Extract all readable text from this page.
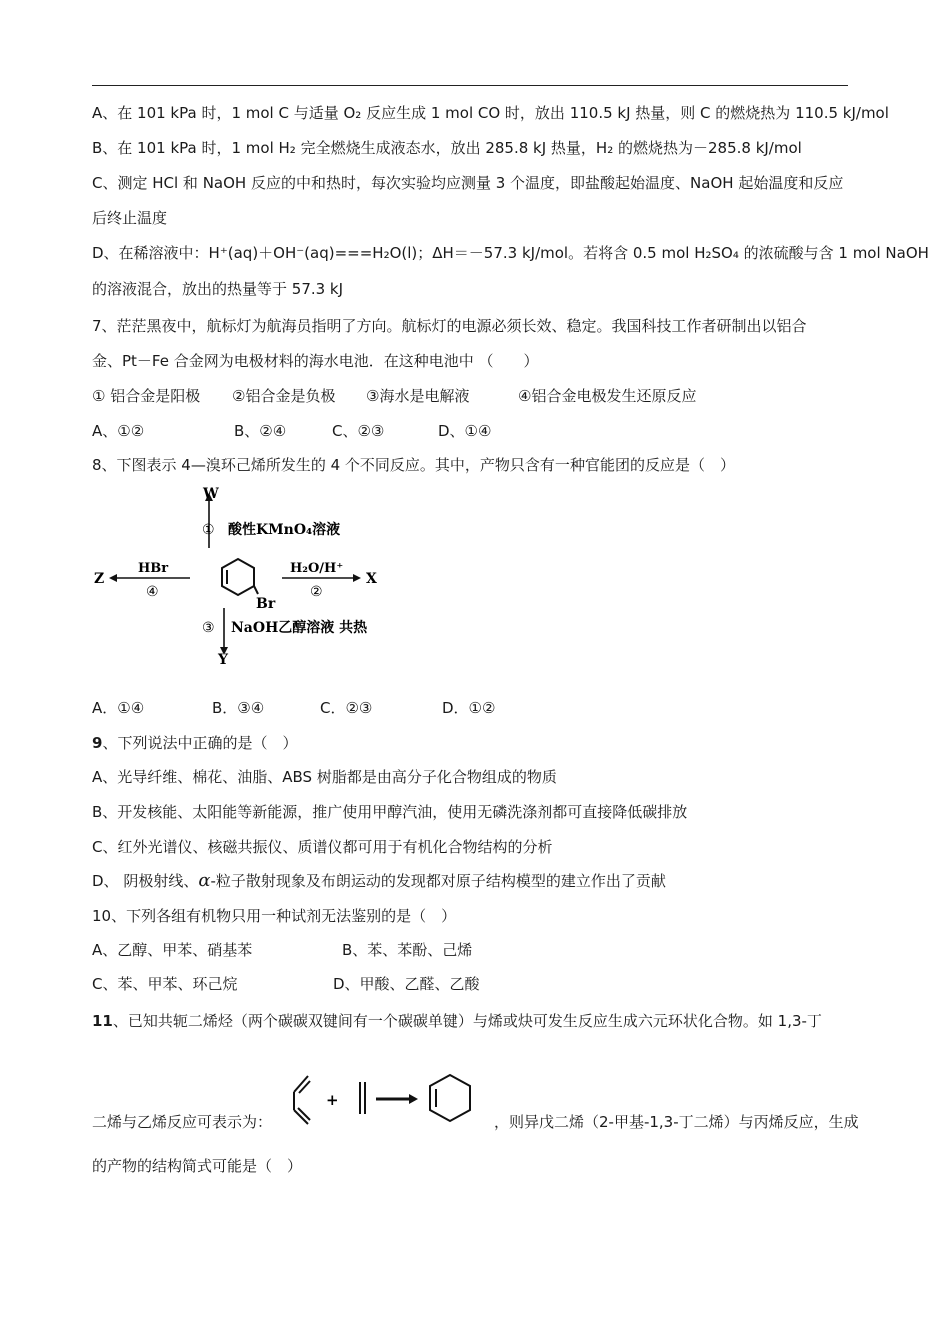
A、在 101 kPa 时，1 mol C 与适量 O₂ 反应生成 1 mol CO 时，放出 110.5 kJ 热量，则 C 的燃烧热为 110.5 kJ/mol
B、在 101 kPa 时，1 mol H₂ 完全燃烧生成液态水，放出 285.8 kJ 热量，H₂ 的燃烧热为－285.8 kJ/mol
C、测定 HCl 和 NaOH 反应的中和热时，每次实验均应测量 3 个温度，即盐酸起始温度、NaOH 起始温度和反应
后终止温度
D、在稀溶液中：H⁺(aq)＋OH⁻(aq)===H₂O(l)；ΔH＝－57.3 kJ/mol。若将含 0.5 mol H₂SO₄ 的浓硫酸与含 1 mol NaOH
的溶液混合，放出的热量等于 57.3 kJ
7、茫茫黑夜中，航标灯为航海员指明了方向。航标灯的电源必须长效、稳定。我国科技工作者研制出以铝合
金、Pt－Fe 合金网为电极材料的海水电池．在这种电池中 （　　）
① 铝合金是阳极 ②铝合金是负极 ③海水是电解液	④铝合金电极发生还原反应
A、①②	B、②④	C、②③	D、①④
8、下图表示 4—溴环己烯所发生的 4 个不同反应。其中，产物只含有一种官能团的反应是（　）
Br
W
① 酸性KMnO₄溶液
Y
③ NaOH乙醇溶液 共热
Z
HBr
④
X
H₂O/H⁺
②
A．①④	B．③④	C．②③	D．①②
9、下列说法中正确的是（　）
A、光导纤维、棉花、油脂、ABS 树脂都是由高分子化合物组成的物质
B、开发核能、太阳能等新能源，推广使用甲醇汽油，使用无磷洗涤剂都可直接降低碳排放
C、红外光谱仪、核磁共振仪、质谱仪都可用于有机化合物结构的分析
D、 阴极射线、α-粒子散射现象及布朗运动的发现都对原子结构模型的建立作出了贡献
10、下列各组有机物只用一种试剂无法鉴别的是（　）
A、乙醇、甲苯、硝基苯	B、苯、苯酚、己烯
C、苯、甲苯、环己烷	D、甲酸、乙醛、乙酸
11、已知共轭二烯烃（两个碳碳双键间有一个碳碳单键）与烯或炔可发生反应生成六元环状化合物。如 1,3-丁
二烯与乙烯反应可表示为：
+
，则异戊二烯（2-甲基-1,3-丁二烯）与丙烯反应，生成
的产物的结构简式可能是（　）
